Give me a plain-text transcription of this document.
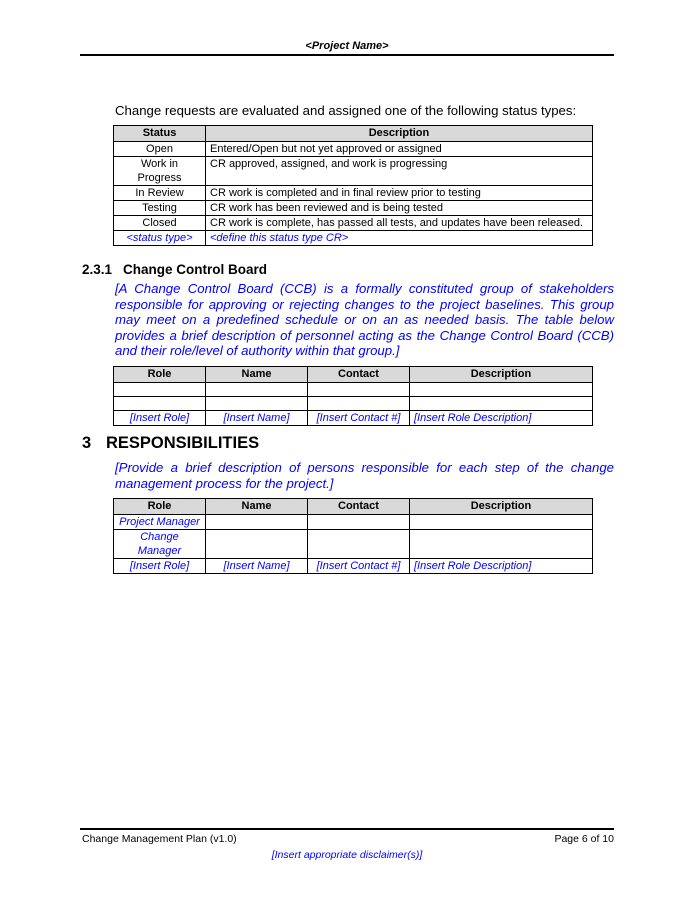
<Project Name>
Change requests are evaluated and assigned one of the following status types:
Status	Description
Open	Entered/Open but not yet approved or assigned
Work in Progress	CR approved, assigned, and work is progressing
In Review	CR work is completed and in final review prior to testing
Testing	CR work has been reviewed and is being tested
Closed	CR work is complete, has passed all tests, and updates have been released.
<status type>	<define this status type CR>
2.3.1 Change Control Board
[A Change Control Board (CCB) is a formally constituted group of stakeholders responsible for approving or rejecting changes to the project baselines. This group may meet on a predefined schedule or on an as needed basis. The table below provides a brief description of personnel acting as the Change Control Board (CCB) and their role/level of authority within that group.]
Role	Name	Contact	Description

[Insert Role]	[Insert Name]	[Insert Contact #]	[Insert Role Description]
3 RESPONSIBILITIES
[Provide a brief description of persons responsible for each step of the change management process for the project.]
Role	Name	Contact	Description
Project Manager			
Change Manager			
[Insert Role]	[Insert Name]	[Insert Contact #]	[Insert Role Description]
Change Management Plan (v1.0)	Page 6 of 10
[Insert appropriate disclaimer(s)]
